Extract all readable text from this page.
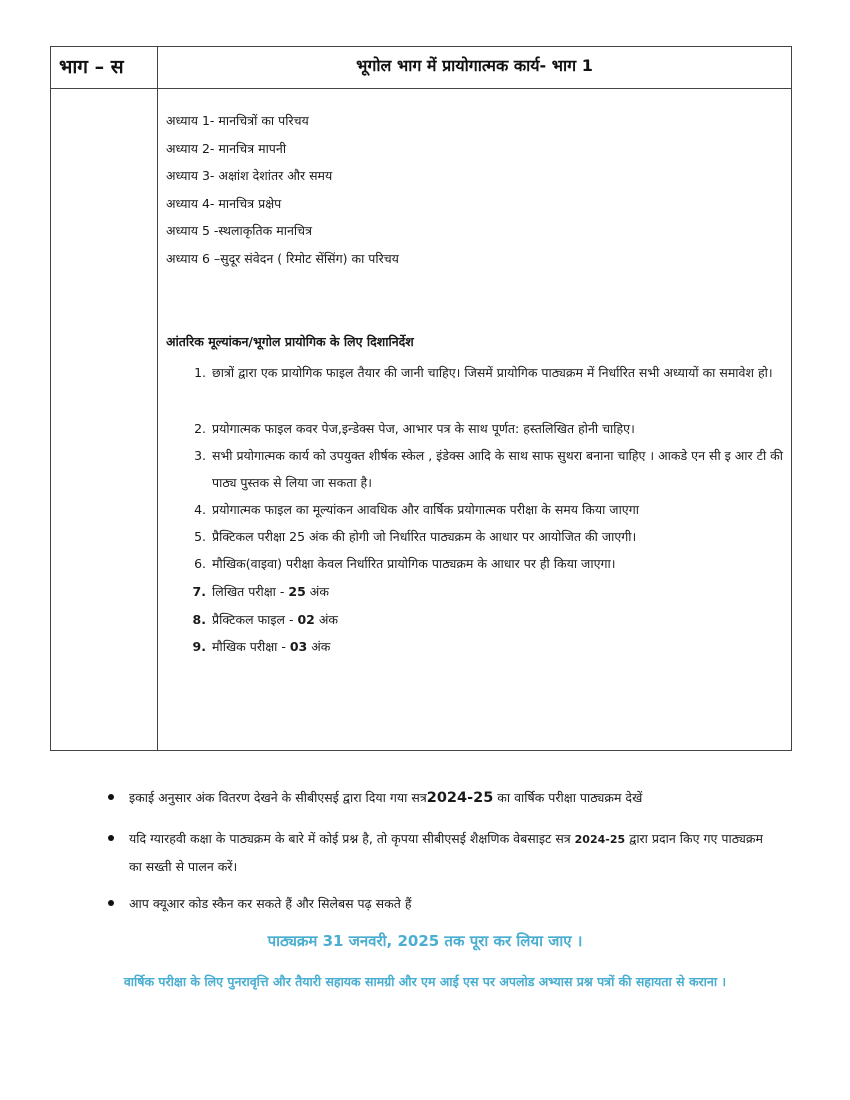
भाग – स	भूगोल भाग में प्रायोगात्मक कार्य- भाग 1
अध्याय 1- मानचित्रों का परिचय
अध्याय 2- मानचित्र मापनी
अध्याय 3- अक्षांश देशांतर और समय
अध्याय 4- मानचित्र प्रक्षेप
अध्याय 5 -स्थलाकृतिक मानचित्र
अध्याय 6 –सुदूर संवेदन ( रिमोट सेंसिंग) का परिचय
आंतरिक मूल्यांकन/भूगोल प्रायोगिक के लिए दिशानिर्देश
1. छात्रों द्वारा एक प्रायोगिक फाइल तैयार की जानी चाहिए। जिसमें प्रायोगिक पाठ्यक्रम में निर्धारित सभी अध्यायों का समावेश हो।
2. प्रयोगात्मक फाइल कवर पेज,इन्डेक्स पेज, आभार पत्र के साथ पूर्णत: हस्तलिखित होनी चाहिए।
3. सभी प्रयोगात्मक कार्य को उपयुक्त शीर्षक स्केल , इंडेक्स आदि के साथ साफ सुथरा बनाना चाहिए । आकडे एन सी इ आर टी की पाठ्य पुस्तक से लिया जा सकता है।
4. प्रयोगात्मक फाइल का मूल्यांकन आवधिक और वार्षिक प्रयोगात्मक परीक्षा के समय किया जाएगा
5. प्रैक्टिकल परीक्षा 25 अंक की होगी जो निर्धारित पाठ्यक्रम के आधार पर आयोजित की जाएगी।
6. मौखिक(वाइवा) परीक्षा केवल निर्धारित प्रायोगिक पाठ्यक्रम के आधार पर ही किया जाएगा।
7. लिखित परीक्षा - 25 अंक
8. प्रैक्टिकल फाइल - 02 अंक
9. मौखिक परीक्षा - 03 अंक
इकाई अनुसार अंक वितरण देखने के सीबीएसई द्वारा दिया गया सत्र2024-25 का वार्षिक परीक्षा पाठ्यक्रम देखें
यदि ग्यारहवी कक्षा के पाठ्यक्रम के बारे में कोई प्रश्न है, तो कृपया सीबीएसई शैक्षणिक वेबसाइट सत्र 2024-25 द्वारा प्रदान किए गए पाठ्यक्रम का सख्ती से पालन करें।
आप क्यूआर कोड स्कैन कर सकते हैं और सिलेबस पढ़ सकते हैं
पाठ्यक्रम 31 जनवरी, 2025 तक पूरा कर लिया जाए ।
वार्षिक परीक्षा के लिए पुनरावृत्ति और तैयारी सहायक सामग्री और एम आई एस पर अपलोड अभ्यास प्रश्न पत्रों की सहायता से कराना ।
